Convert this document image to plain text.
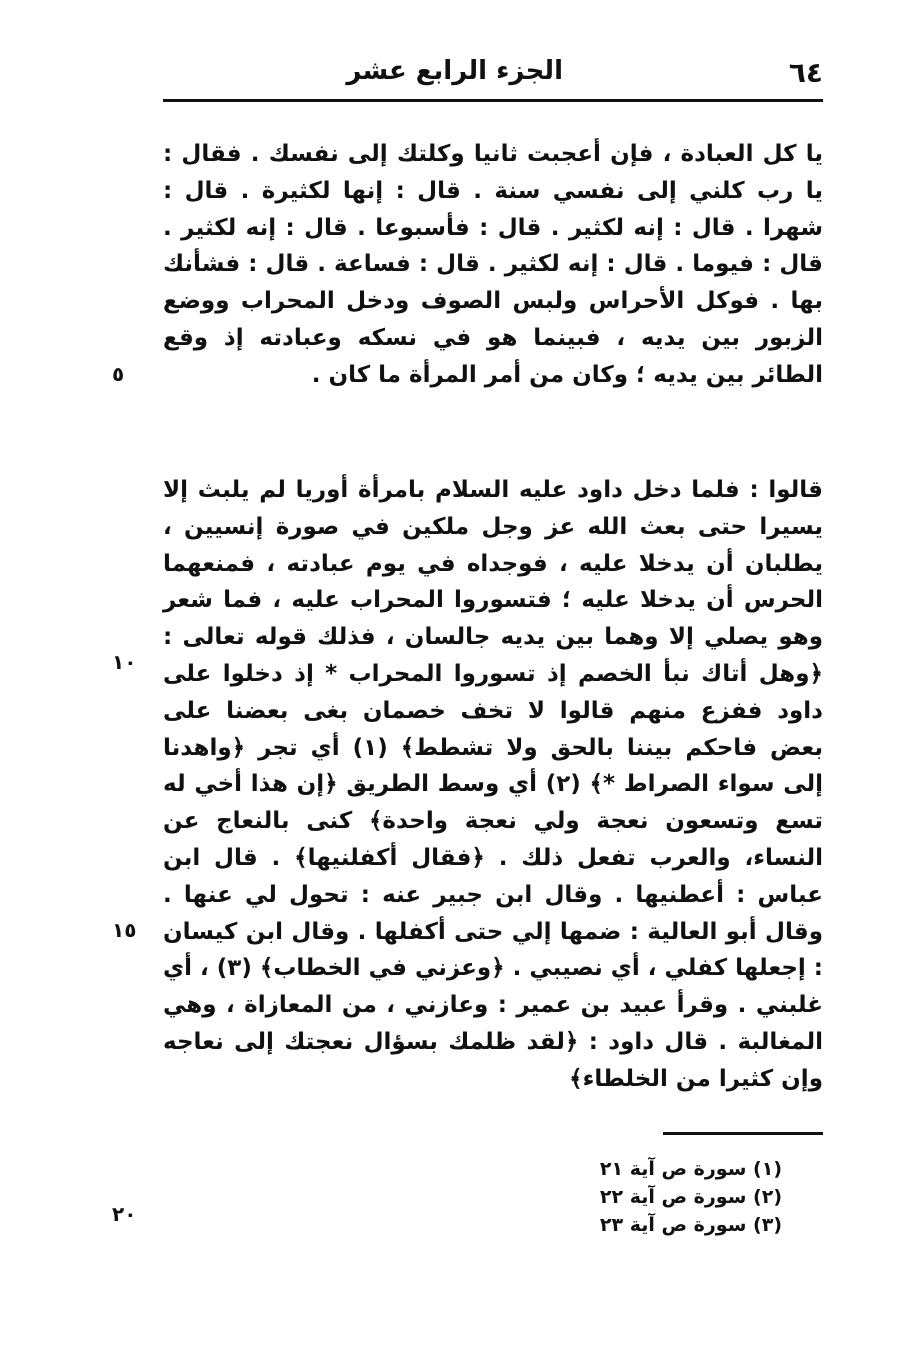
٦٤
الجزء الرابع عشر

يا كل العبادة ، فإن أعجبت ثانيا وكلتك إلى نفسك . فقال : يا رب كلني إلى نفسي سنة . قال : إنها لكثيرة . قال : شهرا . قال : إنه لكثير . قال : فأسبوعا . قال : إنه لكثير . قال : فيوما . قال : إنه لكثير . قال : فساعة . قال : فشأنك بها . فوكل الأحراس ولبس الصوف ودخل المحراب ووضع الزبور بين يديه ، فبينما هو في نسكه وعبادته إذ وقع الطائر بين يديه ؛ وكان من أمر المرأة ما كان .

قالوا : فلما دخل داود عليه السلام بامرأة أوريا لم يلبث إلا يسيرا حتى بعث الله عز وجل ملكين في صورة إنسيين ، يطلبان أن يدخلا عليه ، فوجداه في يوم عبادته ، فمنعهما الحرس أن يدخلا عليه ؛ فتسوروا المحراب عليه ، فما شعر وهو يصلي إلا وهما بين يديه جالسان ، فذلك قوله تعالى : ﴿وهل أتاك نبأ الخصم إذ تسوروا المحراب * إذ دخلوا على داود ففزع منهم قالوا لا تخف خصمان بغى بعضنا على بعض فاحكم بيننا بالحق ولا تشطط﴾ (١) أي تجر ﴿واهدنا إلى سواء الصراط *﴾ (٢) أي وسط الطريق ﴿إن هذا أخي له تسع وتسعون نعجة ولي نعجة واحدة﴾ كنى بالنعاج عن النساء، والعرب تفعل ذلك . ﴿فقال أكفلنيها﴾ . قال ابن عباس : أعطنيها . وقال ابن جبير عنه : تحول لي عنها . وقال أبو العالية : ضمها إلي حتى أكفلها . وقال ابن كيسان : إجعلها كفلي ، أي نصيبي . ﴿وعزني في الخطاب﴾ (٣) ، أي غلبني . وقرأ عبيد بن عمير : وعازني ، من المعازاة ، وهي المغالبة . قال داود : ﴿لقد ظلمك بسؤال نعجتك إلى نعاجه وإن كثيرا من الخلطاء﴾

٥
١٠
١٥
٢٠

(١) سورة ص آية ٢١

(٢) سورة ص آية ٢٢

(٣) سورة ص آية ٢٣
